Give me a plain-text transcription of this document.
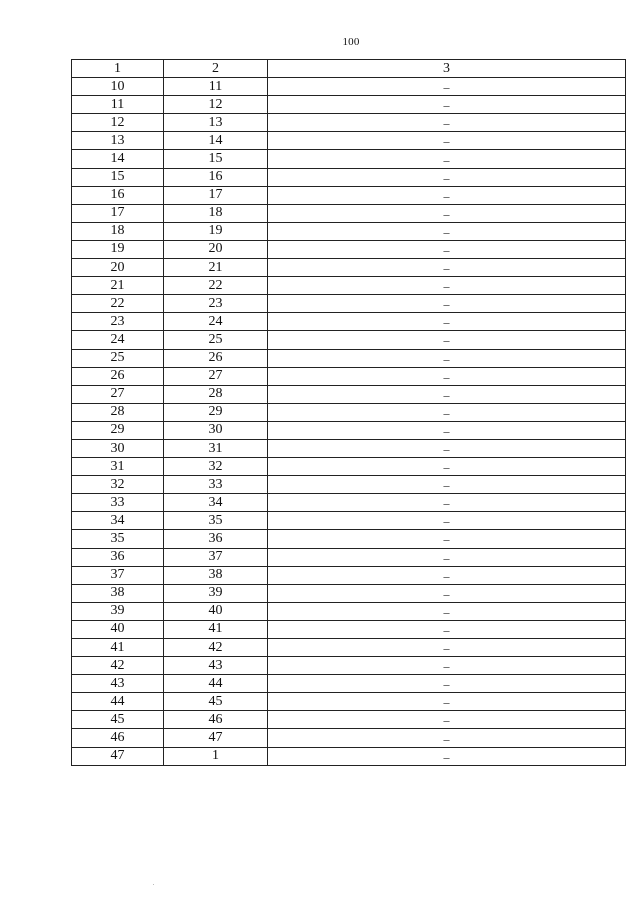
100
1	2	3
10	11	–
11	12	–
12	13	–
13	14	–
14	15	–
15	16	–
16	17	–
17	18	–
18	19	–
19	20	–
20	21	–
21	22	–
22	23	–
23	24	–
24	25	–
25	26	–
26	27	–
27	28	–
28	29	–
29	30	–
30	31	–
31	32	–
32	33	–
33	34	–
34	35	–
35	36	–
36	37	–
37	38	–
38	39	–
39	40	–
40	41	–
41	42	–
42	43	–
43	44	–
44	45	–
45	46	–
46	47	–
47	1	–
